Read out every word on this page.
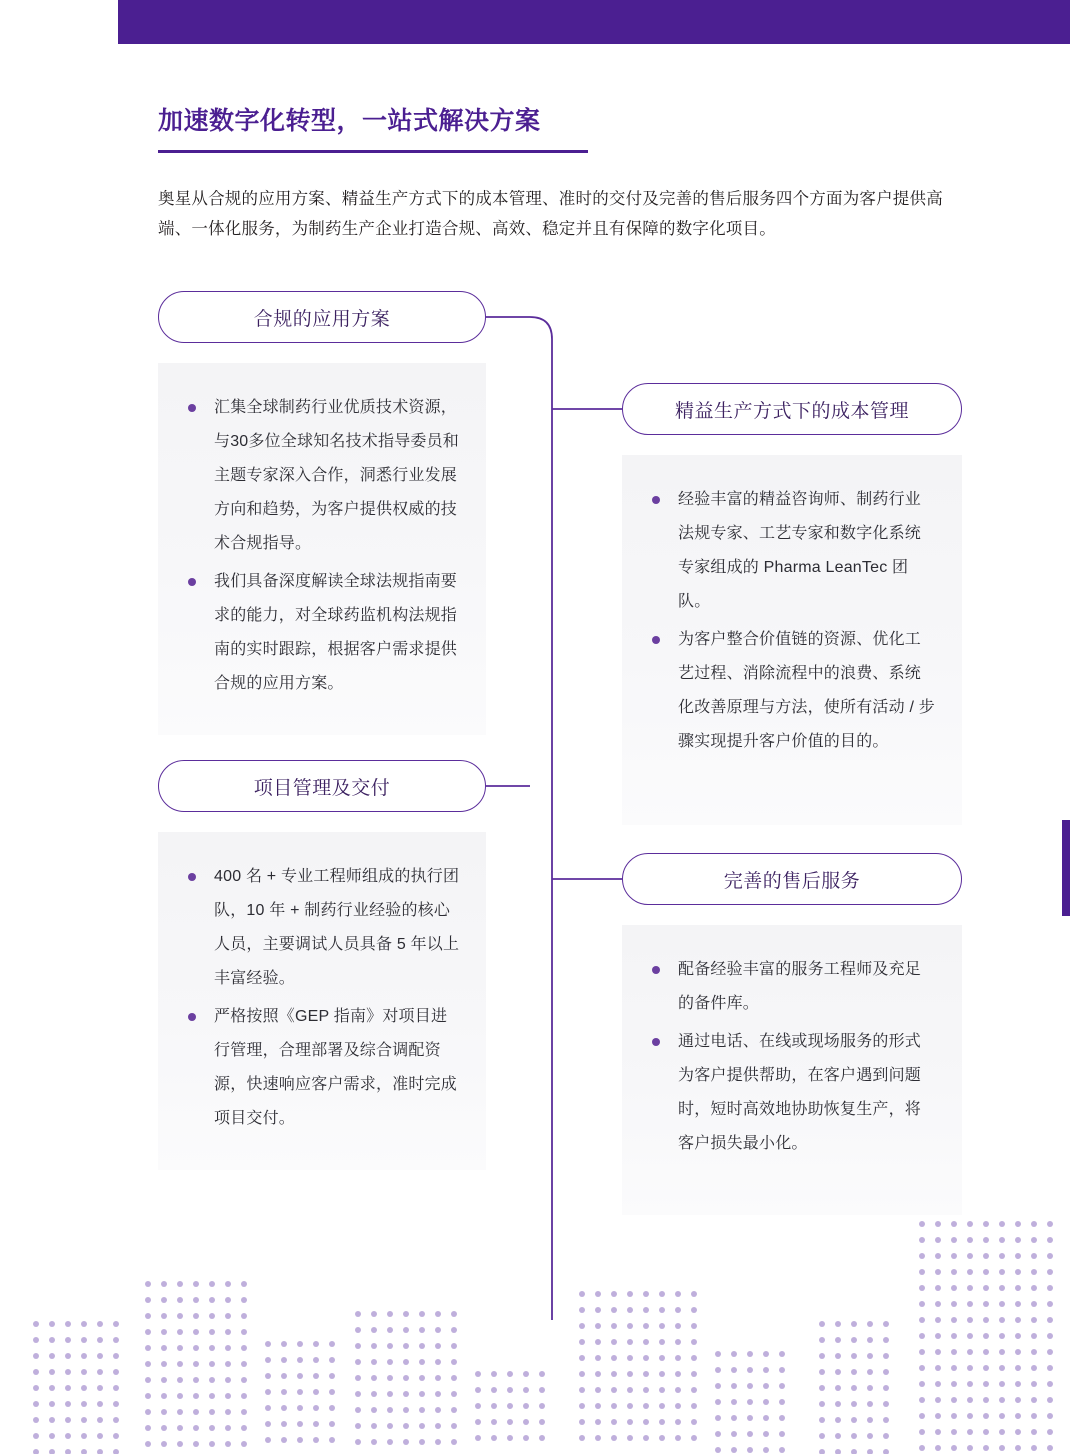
加速数字化转型，一站式解决方案
奥星从合规的应用方案、精益生产方式下的成本管理、准时的交付及完善的售后服务四个方面为客户提供高端、一体化服务，为制药生产企业打造合规、高效、稳定并且有保障的数字化项目。
合规的应用方案
汇集全球制药行业优质技术资源，与30多位全球知名技术指导委员和主题专家深入合作，洞悉行业发展方向和趋势，为客户提供权威的技术合规指导。
我们具备深度解读全球法规指南要求的能力，对全球药监机构法规指南的实时跟踪，根据客户需求提供合规的应用方案。
精益生产方式下的成本管理
经验丰富的精益咨询师、制药行业法规专家、工艺专家和数字化系统专家组成的 Pharma LeanTec 团队。
为客户整合价值链的资源、优化工艺过程、消除流程中的浪费、系统化改善原理与方法，使所有活动 / 步骤实现提升客户价值的目的。
项目管理及交付
400 名 + 专业工程师组成的执行团队，10 年 + 制药行业经验的核心人员，主要调试人员具备 5 年以上丰富经验。
严格按照《GEP 指南》对项目进行管理，合理部署及综合调配资源，快速响应客户需求，准时完成项目交付。
完善的售后服务
配备经验丰富的服务工程师及充足的备件库。
通过电话、在线或现场服务的形式为客户提供帮助，在客户遇到问题时，短时高效地协助恢复生产，将客户损失最小化。
